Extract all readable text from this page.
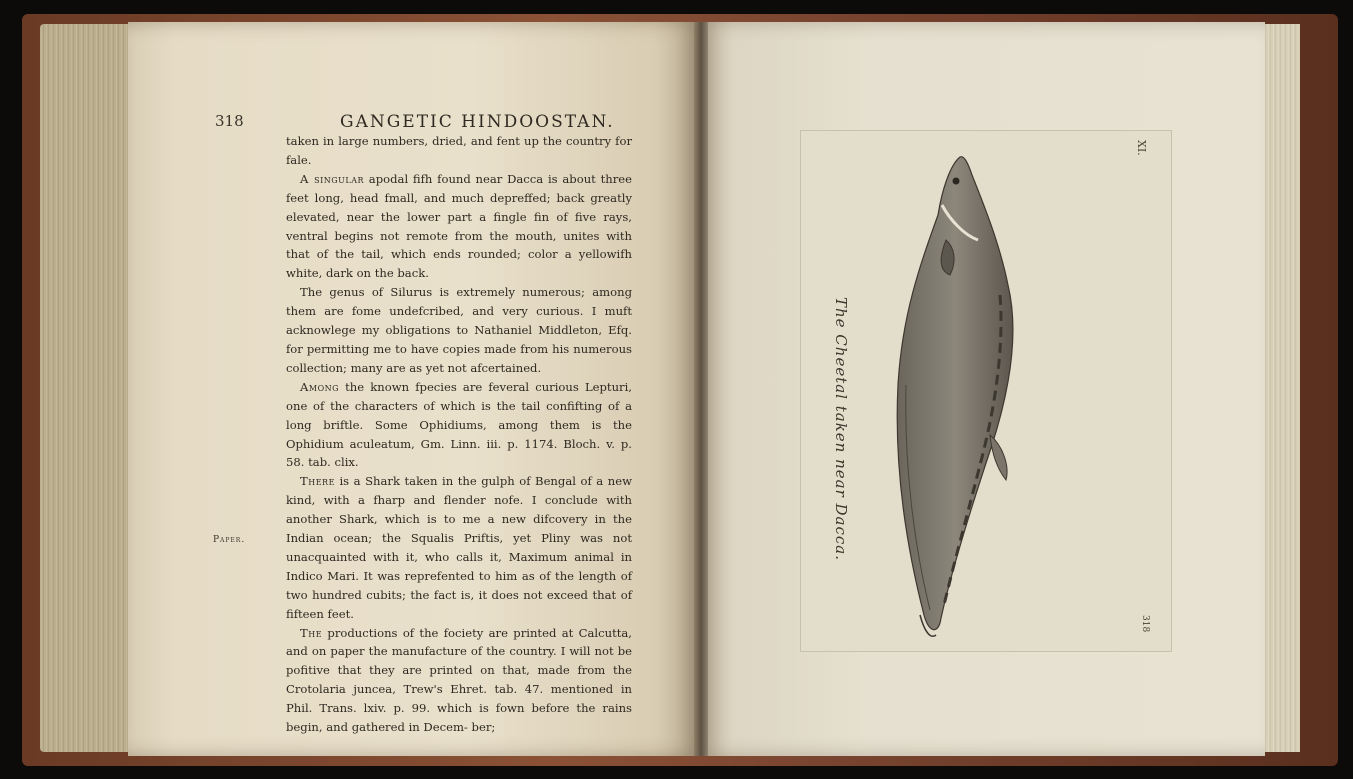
318	GANGETIC HINDOOSTAN.
Paper.

taken in large numbers, dried, and fent up the country for fale.

A singular apodal fifh found near Dacca is about three feet long, head fmall, and much depreffed; back greatly elevated, near the lower part a fingle fin of five rays, ventral begins not remote from the mouth, unites with that of the tail, which ends rounded; color a yellowifh white, dark on the back.

The genus of Silurus is extremely numerous; among them are fome undefcribed, and very curious. I muft acknowlege my obligations to Nathaniel Middleton, Efq. for permitting me to have copies made from his numerous collection; many are as yet not afcertained.

Among the known fpecies are feveral curious Lepturi, one of the characters of which is the tail confifting of a long briftle. Some Ophidiums, among them is the Ophidium aculeatum, Gm. Linn. iii. p. 1174. Bloch. v. p. 58. tab. clix.

There is a Shark taken in the gulph of Bengal of a new kind, with a fharp and flender nofe. I conclude with another Shark, which is to me a new difcovery in the Indian ocean; the Squalis Priftis, yet Pliny was not unacquainted with it, who calls it, Maximum animal in Indico Mari. It was reprefented to him as of the length of two hundred cubits; the fact is, it does not exceed that of fifteen feet.

The productions of the fociety are printed at Calcutta, and on paper the manufacture of the country. I will not be pofitive that they are printed on that, made from the Crotolaria juncea, Trew's Ehret. tab. 47. mentioned in Phil. Trans. lxiv. p. 99. which is fown before the rains begin, and gathered in Decem- ber;

XI.
The Cheetal taken near Dacca.
318
